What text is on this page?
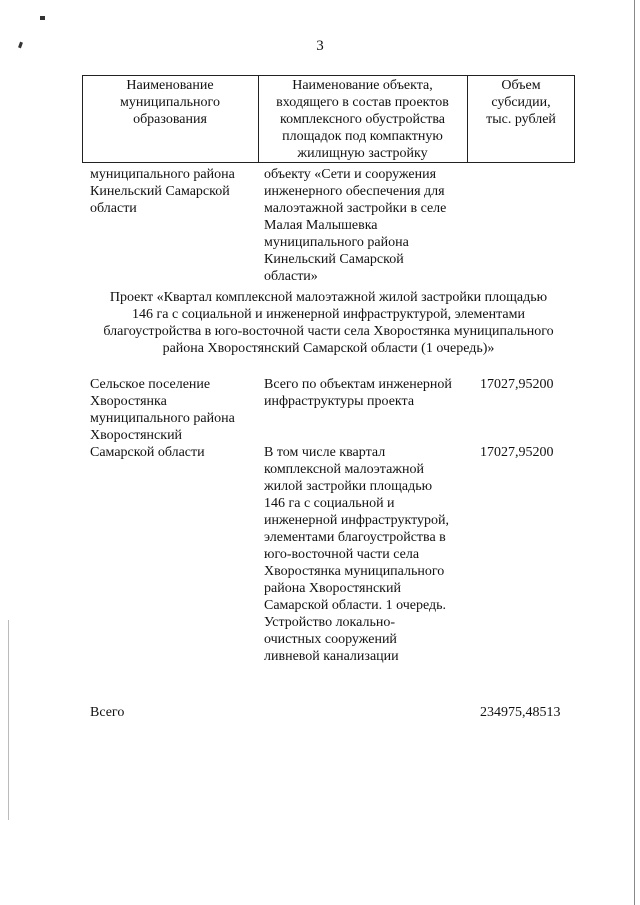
3
Наименование
муниципального
образования
Наименование объекта,
входящего в состав проектов
комплексного обустройства
площадок под компактную
жилищную застройку
Объем
субсидии,
тыс. рублей
муниципального района
Кинельский Самарской
области
объекту «Сети и сооружения
инженерного обеспечения для
малоэтажной застройки в селе
Малая Малышевка
муниципального района
Кинельский Самарской
области»
Проект «Квартал комплексной малоэтажной жилой застройки площадью
146 га с социальной и инженерной инфраструктурой, элементами
благоустройства в юго-восточной части села Хворостянка муниципального
района Хворостянский Самарской области (1 очередь)»
Сельское поселение
Хворостянка
муниципального района
Хворостянский
Всего по объектам инженерной
инфраструктуры проекта
17027,95200
Самарской области	В том числе квартал
комплексной малоэтажной
жилой застройки площадью
146 га с социальной и
инженерной инфраструктурой,
элементами благоустройства в
юго-восточной части села
Хворостянка муниципального
района Хворостянский
Самарской области. 1 очередь.
Устройство локально-
очистных сооружений
ливневой канализации
17027,95200
Всего	234975,48513
